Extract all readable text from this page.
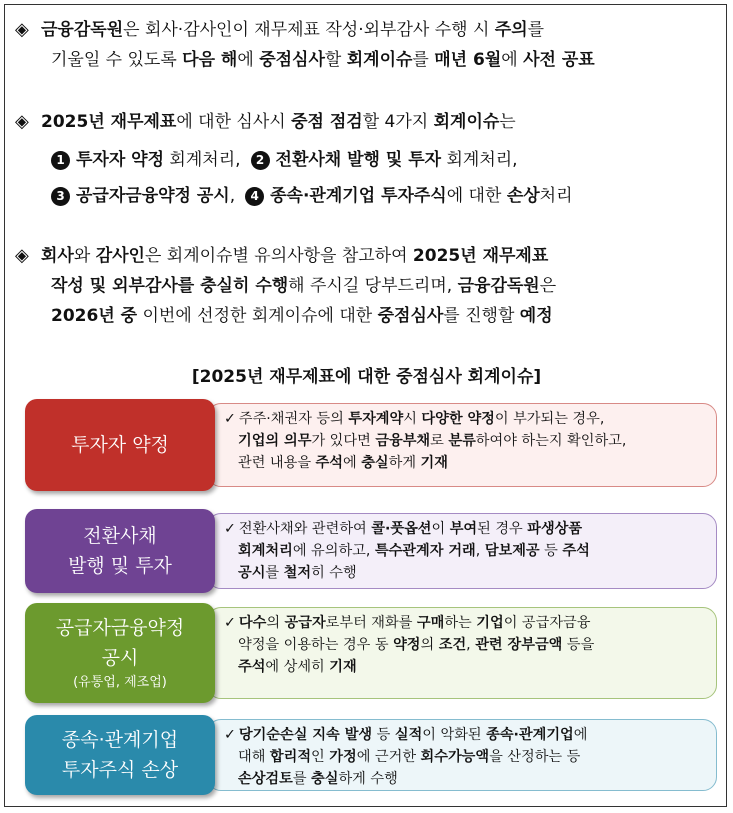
◈ 금융감독원은 회사·감사인이 재무제표 작성·외부감사 수행 시 주의를
기울일 수 있도록 다음 해에 중점심사할 회계이슈를 매년 6월에 사전 공표
◈ 2025년 재무제표에 대한 심사시 중점 점검할 4가지 회계이슈는
1 투자자 약정 회계처리, 2 전환사채 발행 및 투자 회계처리,
3 공급자금융약정 공시, 4 종속·관계기업 투자주식에 대한 손상처리
◈ 회사와 감사인은 회계이슈별 유의사항을 참고하여 2025년 재무제표
작성 및 외부감사를 충실히 수행해 주시길 당부드리며, 금융감독원은
2026년 중 이번에 선정한 회계이슈에 대한 중점심사를 진행할 예정
[2025년 재무제표에 대한 중점심사 회계이슈]
✓ 주주·채권자 등의 투자계약시 다양한 약정이 부가되는 경우,
기업의 의무가 있다면 금융부채로 분류하여야 하는지 확인하고,
관련 내용을 주석에 충실하게 기재
투자자 약정
✓ 전환사채와 관련하여 콜·풋옵션이 부여된 경우 파생상품
회계처리에 유의하고, 특수관계자 거래, 담보제공 등 주석
공시를 철저히 수행
전환사채
발행 및 투자
✓ 다수의 공급자로부터 재화를 구매하는 기업이 공급자금융
약정을 이용하는 경우 동 약정의 조건, 관련 장부금액 등을
주석에 상세히 기재
공급자금융약정
공시
(유통업, 제조업)
✓ 당기순손실 지속 발생 등 실적이 악화된 종속·관계기업에
대해 합리적인 가정에 근거한 회수가능액을 산정하는 등
손상검토를 충실하게 수행
종속·관계기업
투자주식 손상
